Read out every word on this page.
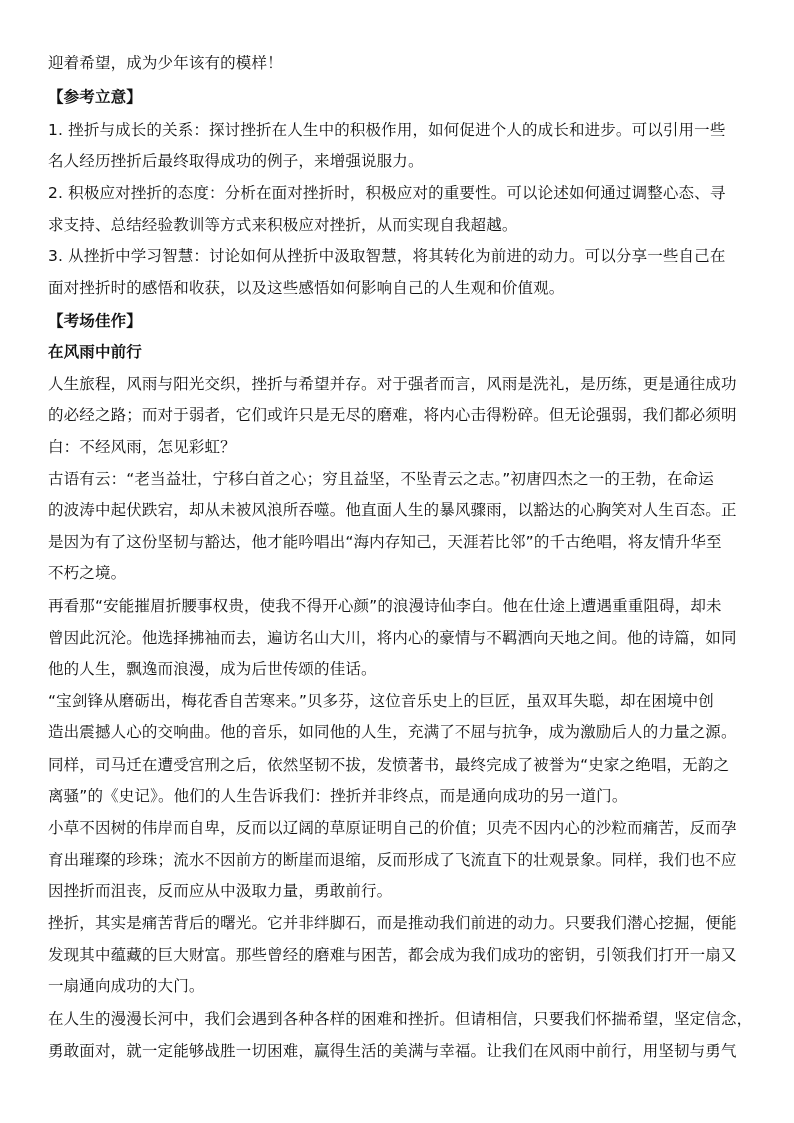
迎着希望，成为少年该有的模样！
【参考立意】
1. 挫折与成长的关系：探讨挫折在人生中的积极作用，如何促进个人的成长和进步。可以引用一些
名人经历挫折后最终取得成功的例子，来增强说服力。
2. 积极应对挫折的态度：分析在面对挫折时，积极应对的重要性。可以论述如何通过调整心态、寻
求支持、总结经验教训等方式来积极应对挫折，从而实现自我超越。
3. 从挫折中学习智慧：讨论如何从挫折中汲取智慧，将其转化为前进的动力。可以分享一些自己在
面对挫折时的感悟和收获，以及这些感悟如何影响自己的人生观和价值观。
【考场佳作】
在风雨中前行
人生旅程，风雨与阳光交织，挫折与希望并存。对于强者而言，风雨是洗礼，是历练，更是通往成功
的必经之路；而对于弱者，它们或许只是无尽的磨难，将内心击得粉碎。但无论强弱，我们都必须明
白：不经风雨，怎见彩虹？
古语有云：“老当益壮，宁移白首之心；穷且益坚，不坠青云之志。”初唐四杰之一的王勃，在命运
的波涛中起伏跌宕，却从未被风浪所吞噬。他直面人生的暴风骤雨，以豁达的心胸笑对人生百态。正
是因为有了这份坚韧与豁达，他才能吟唱出“海内存知己，天涯若比邻”的千古绝唱，将友情升华至
不朽之境。
再看那“安能摧眉折腰事权贵，使我不得开心颜”的浪漫诗仙李白。他在仕途上遭遇重重阻碍，却未
曾因此沉沦。他选择拂袖而去，遍访名山大川，将内心的豪情与不羁洒向天地之间。他的诗篇，如同
他的人生，飘逸而浪漫，成为后世传颂的佳话。
“宝剑锋从磨砺出，梅花香自苦寒来。”贝多芬，这位音乐史上的巨匠，虽双耳失聪，却在困境中创
造出震撼人心的交响曲。他的音乐，如同他的人生，充满了不屈与抗争，成为激励后人的力量之源。
同样，司马迁在遭受宫刑之后，依然坚韧不拔，发愤著书，最终完成了被誉为“史家之绝唱，无韵之
离骚”的《史记》。他们的人生告诉我们：挫折并非终点，而是通向成功的另一道门。
小草不因树的伟岸而自卑，反而以辽阔的草原证明自己的价值；贝壳不因内心的沙粒而痛苦，反而孕
育出璀璨的珍珠；流水不因前方的断崖而退缩，反而形成了飞流直下的壮观景象。同样，我们也不应
因挫折而沮丧，反而应从中汲取力量，勇敢前行。
挫折，其实是痛苦背后的曙光。它并非绊脚石，而是推动我们前进的动力。只要我们潜心挖掘，便能
发现其中蕴藏的巨大财富。那些曾经的磨难与困苦，都会成为我们成功的密钥，引领我们打开一扇又
一扇通向成功的大门。
在人生的漫漫长河中，我们会遇到各种各样的困难和挫折。但请相信，只要我们怀揣希望，坚定信念，
勇敢面对，就一定能够战胜一切困难，赢得生活的美满与幸福。让我们在风雨中前行，用坚韧与勇气
